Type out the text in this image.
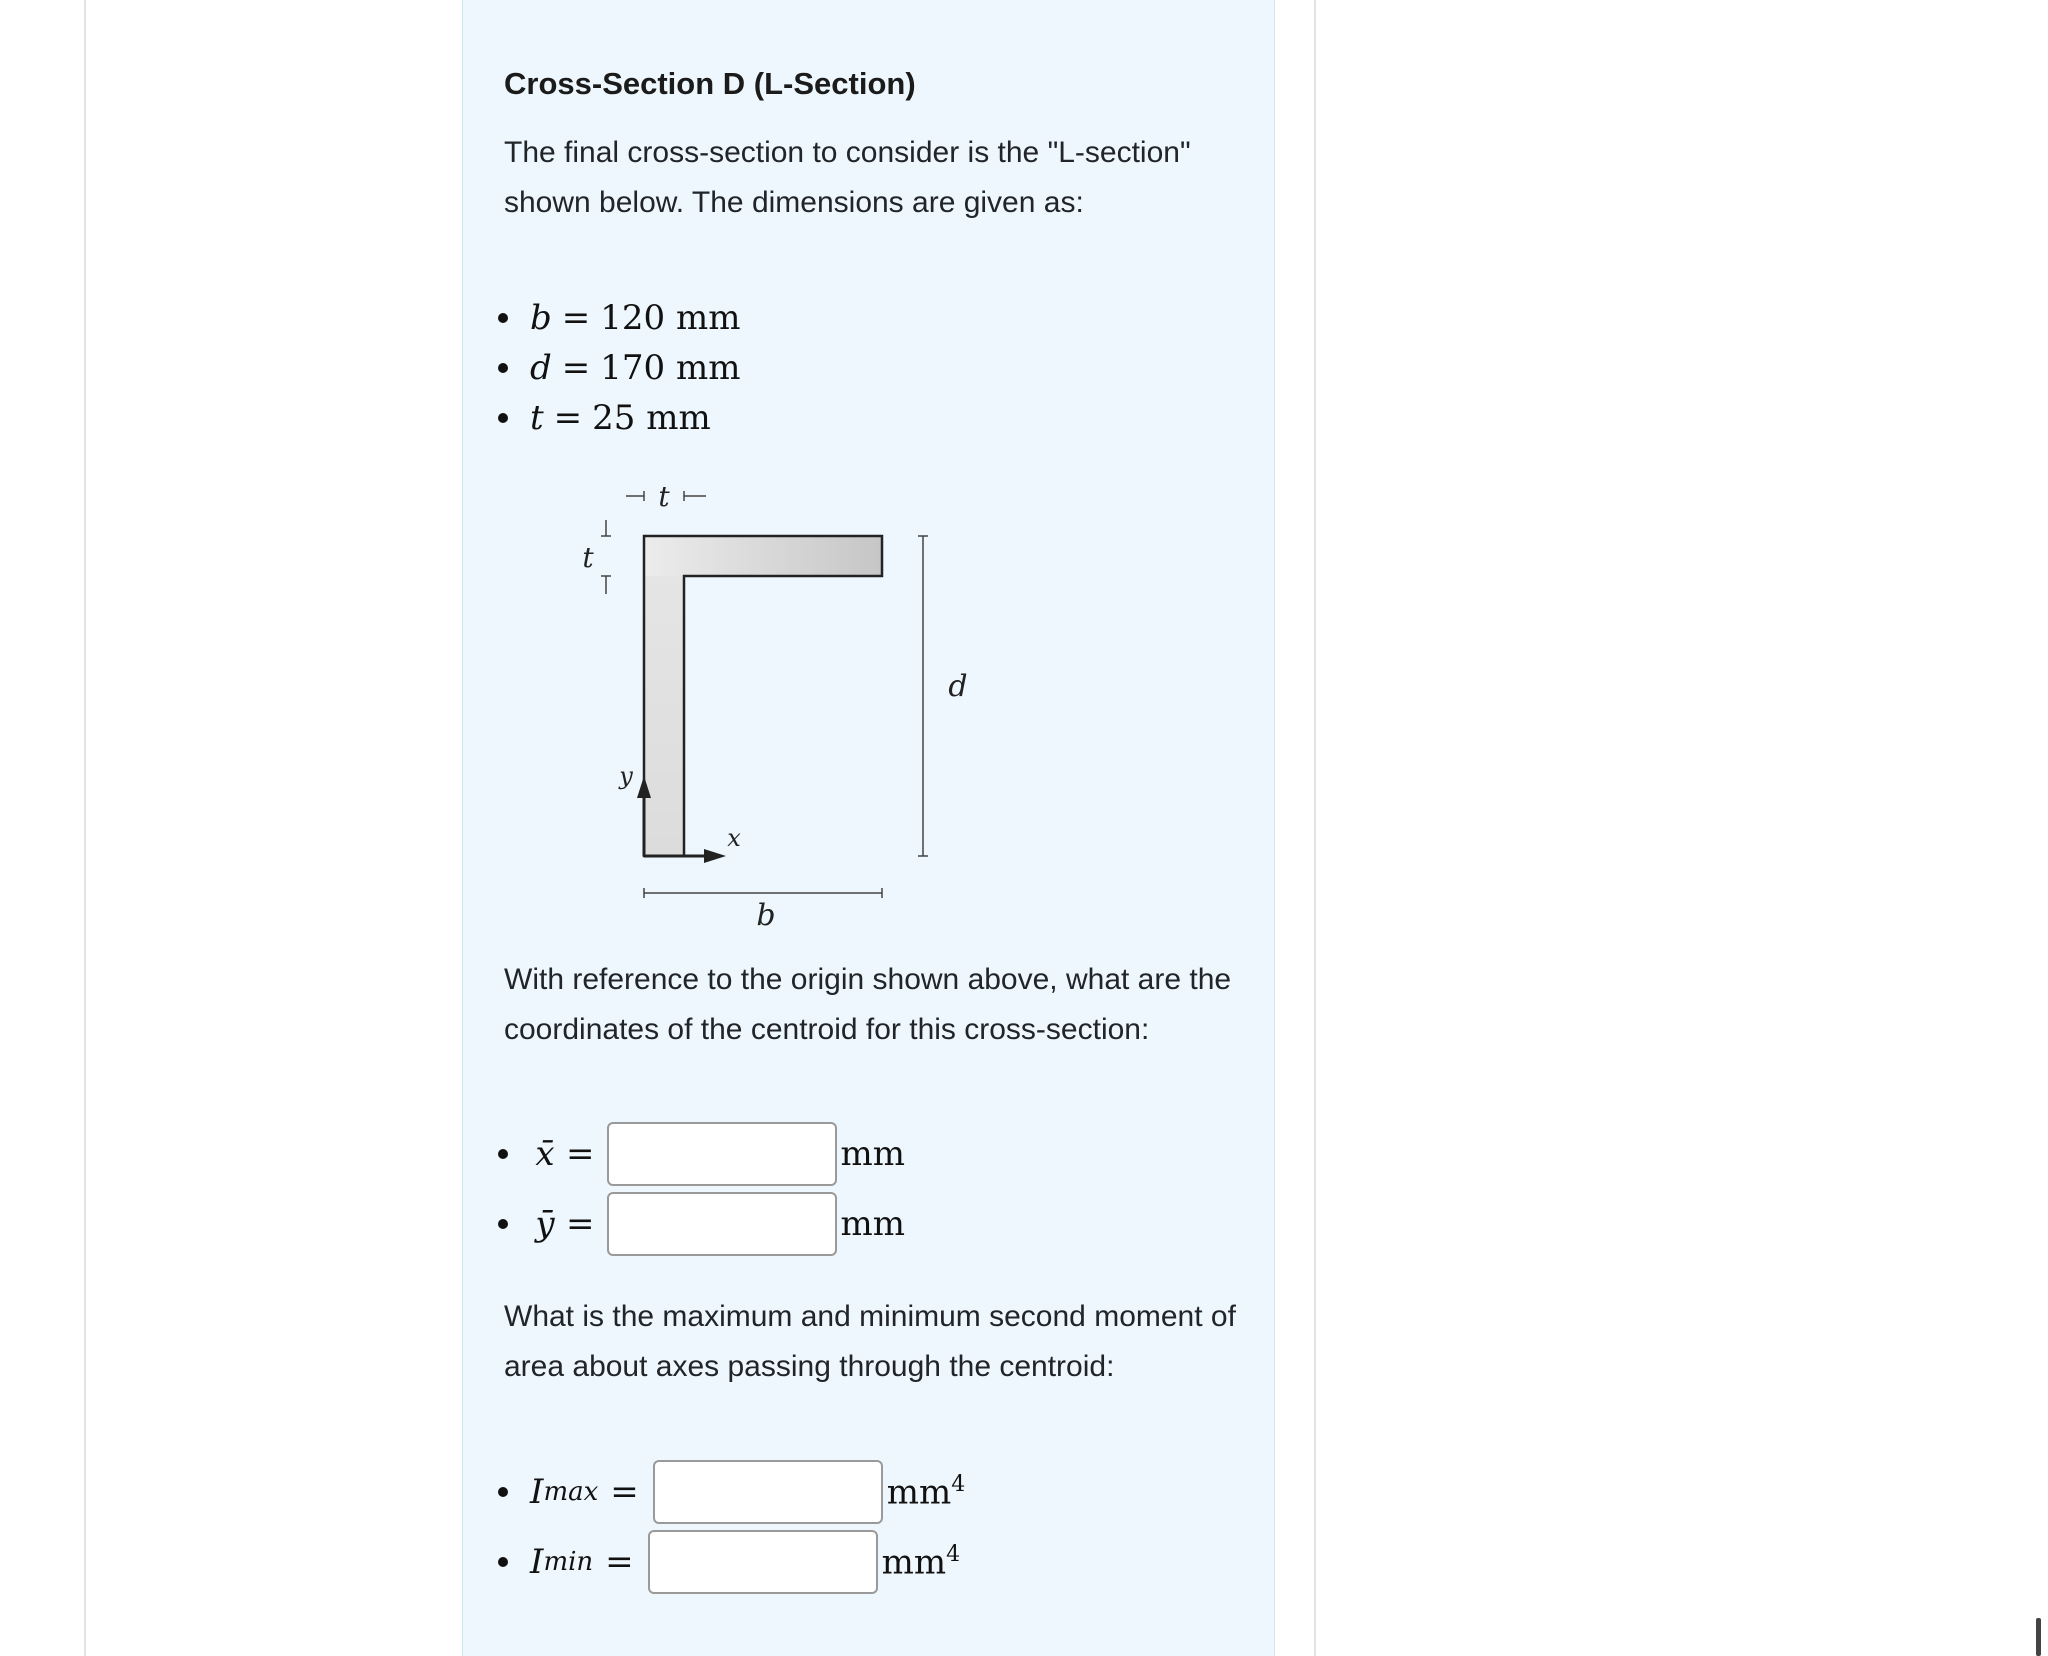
Cross-Section D (L-Section)

The final cross-section to consider is the "L-section" shown below. The dimensions are given as:

b = 120 mm
d = 170 mm
t = 25 mm
t
t
d
b
y
x

With reference to the origin shown above, what are the coordinates of the centroid for this cross-section:

x̄ =	mm
ȳ =	mm

What is the maximum and minimum second moment of area about axes passing through the centroid:

I max =	$mm^4$
I min =	$mm^4$
